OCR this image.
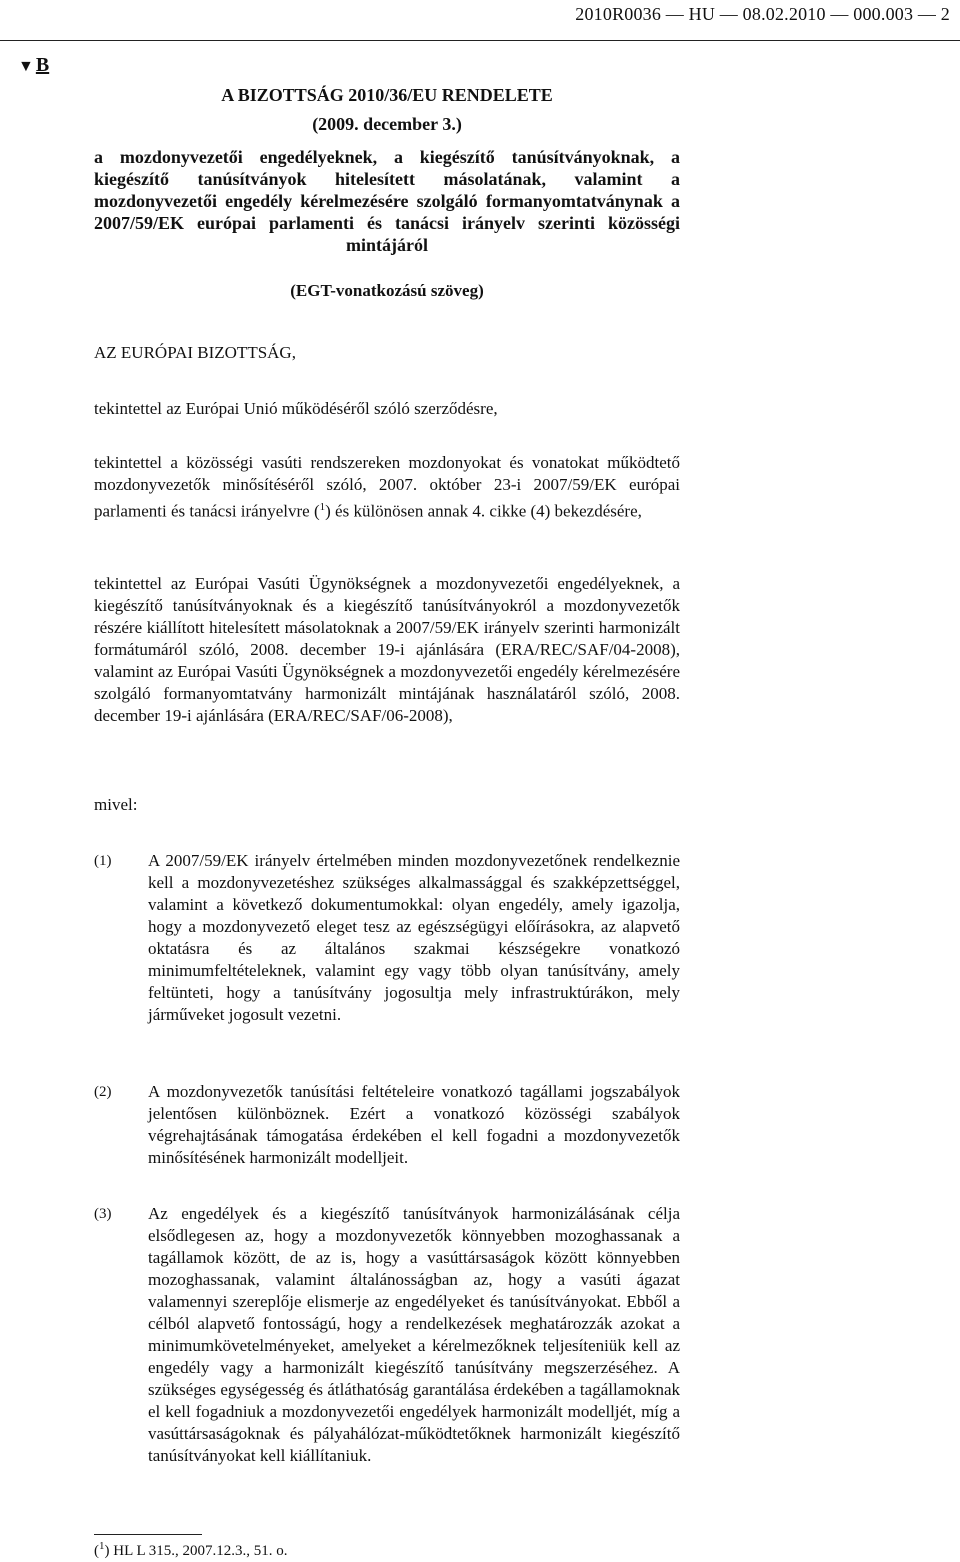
2010R0036 — HU — 08.02.2010 — 000.003 — 2
▼ B
A BIZOTTSÁG 2010/36/EU RENDELETE
(2009. december 3.)
a mozdonyvezetői engedélyeknek, a kiegészítő tanúsítványoknak, a kiegészítő tanúsítványok hitelesített másolatának, valamint a mozdonyvezetői engedély kérelmezésére szolgáló formanyomtatványnak a 2007/59/EK európai parlamenti és tanácsi irányelv szerinti közösségi mintájáról
(EGT-vonatkozású szöveg)

AZ EURÓPAI BIZOTTSÁG,

tekintettel az Európai Unió működéséről szóló szerződésre,

tekintettel a közösségi vasúti rendszereken mozdonyokat és vonatokat működtető mozdonyvezetők minősítéséről szóló, 2007. október 23-i 2007/59/EK európai parlamenti és tanácsi irányelvre ($^1$) és különösen annak 4. cikke (4) bekezdésére,

tekintettel az Európai Vasúti Ügynökségnek a mozdonyvezetői engedélyeknek, a kiegészítő tanúsítványoknak és a kiegészítő tanúsítványokról a mozdonyvezetők részére kiállított hitelesített másolatoknak a 2007/59/EK irányelv szerinti harmonizált formátumáról szóló, 2008. december 19-i ajánlására (ERA/REC/SAF/04-2008), valamint az Európai Vasúti Ügynökségnek a mozdonyvezetői engedély kérelmezésére szolgáló formanyomtatvány harmonizált mintájának használatáról szóló, 2008. december 19-i ajánlására (ERA/REC/SAF/06-2008),

mivel:

(1) A 2007/59/EK irányelv értelmében minden mozdonyvezetőnek rendelkeznie kell a mozdonyvezetéshez szükséges alkalmassággal és szakképzettséggel, valamint a következő dokumentumokkal: olyan engedély, amely igazolja, hogy a mozdonyvezető eleget tesz az egészségügyi előírásokra, az alapvető oktatásra és az általános szakmai készségekre vonatkozó minimumfeltételeknek, valamint egy vagy több olyan tanúsítvány, amely feltünteti, hogy a tanúsítvány jogosultja mely infrastruktúrákon, mely járműveket jogosult vezetni.
(2) A mozdonyvezetők tanúsítási feltételeire vonatkozó tagállami jogszabályok jelentősen különböznek. Ezért a vonatkozó közösségi szabályok végrehajtásának támogatása érdekében el kell fogadni a mozdonyvezetők minősítésének harmonizált modelljeit.
(3) Az engedélyek és a kiegészítő tanúsítványok harmonizálásának célja elsődlegesen az, hogy a mozdonyvezetők könnyebben mozoghassanak a tagállamok között, de az is, hogy a vasúttársaságok között könnyebben mozoghassanak, valamint általánosságban az, hogy a vasúti ágazat valamennyi szereplője elismerje az engedélyeket és tanúsítványokat. Ebből a célból alapvető fontosságú, hogy a rendelkezések meghatározzák azokat a minimumkövetelményeket, amelyeket a kérelmezőknek teljesíteniük kell az engedély vagy a harmonizált kiegészítő tanúsítvány megszerzéséhez. A szükséges egységesség és átláthatóság garantálása érdekében a tagállamoknak el kell fogadniuk a mozdonyvezetői engedélyek harmonizált modelljét, míg a vasúttársaságoknak és pályahálózat-működtetőknek harmonizált kiegészítő tanúsítványokat kell kiállítaniuk.
($^1$) HL L 315., 2007.12.3., 51. o.
